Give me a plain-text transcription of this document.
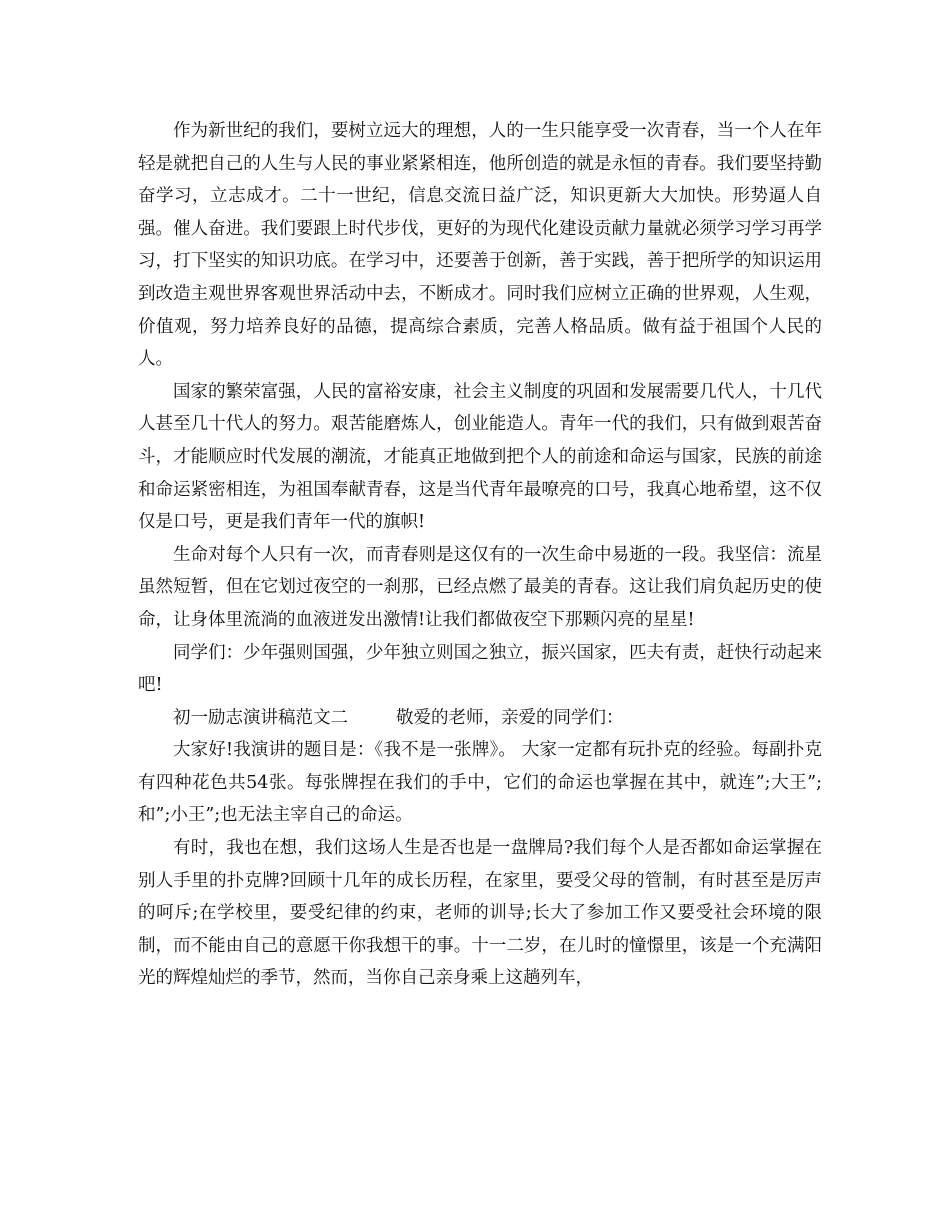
作为新世纪的我们，要树立远大的理想，人的一生只能享受一次青春，当一个人在年轻是就把自己的人生与人民的事业紧紧相连，他所创造的就是永恒的青春。我们要坚持勤奋学习，立志成才。二十一世纪，信息交流日益广泛，知识更新大大加快。形势逼人自强。催人奋进。我们要跟上时代步伐，更好的为现代化建设贡献力量就必须学习学习再学习，打下坚实的知识功底。在学习中，还要善于创新，善于实践，善于把所学的知识运用到改造主观世界客观世界活动中去，不断成才。同时我们应树立正确的世界观，人生观，价值观，努力培养良好的品德，提高综合素质，完善人格品质。做有益于祖国个人民的人。

国家的繁荣富强，人民的富裕安康，社会主义制度的巩固和发展需要几代人，十几代人甚至几十代人的努力。艰苦能磨炼人，创业能造人。青年一代的我们，只有做到艰苦奋斗，才能顺应时代发展的潮流，才能真正地做到把个人的前途和命运与国家，民族的前途和命运紧密相连，为祖国奉献青春，这是当代青年最嘹亮的口号，我真心地希望，这不仅仅是口号，更是我们青年一代的旗帜!

生命对每个人只有一次，而青春则是这仅有的一次生命中易逝的一段。我坚信：流星虽然短暂，但在它划过夜空的一刹那，已经点燃了最美的青春。这让我们肩负起历史的使命，让身体里流淌的血液迸发出激情!让我们都做夜空下那颗闪亮的星星!

同学们：少年强则国强，少年独立则国之独立，振兴国家，匹夫有责，赶快行动起来吧!

初一励志演讲稿范文二	敬爱的老师，亲爱的同学们：

大家好!我演讲的题目是：《我不是一张牌》。 大家一定都有玩扑克的经验。每副扑克有四种花色共54张。每张牌捏在我们的手中，它们的命运也掌握在其中，就连”;大王”;和”;小王”;也无法主宰自己的命运。

有时，我也在想，我们这场人生是否也是一盘牌局?我们每个人是否都如命运掌握在别人手里的扑克牌?回顾十几年的成长历程，在家里，要受父母的管制，有时甚至是厉声的呵斥;在学校里，要受纪律的约束，老师的训导;长大了参加工作又要受社会环境的限制，而不能由自己的意愿干你我想干的事。十一二岁，在儿时的憧憬里，该是一个充满阳光的辉煌灿烂的季节，然而，当你自己亲身乘上这趟列车，
